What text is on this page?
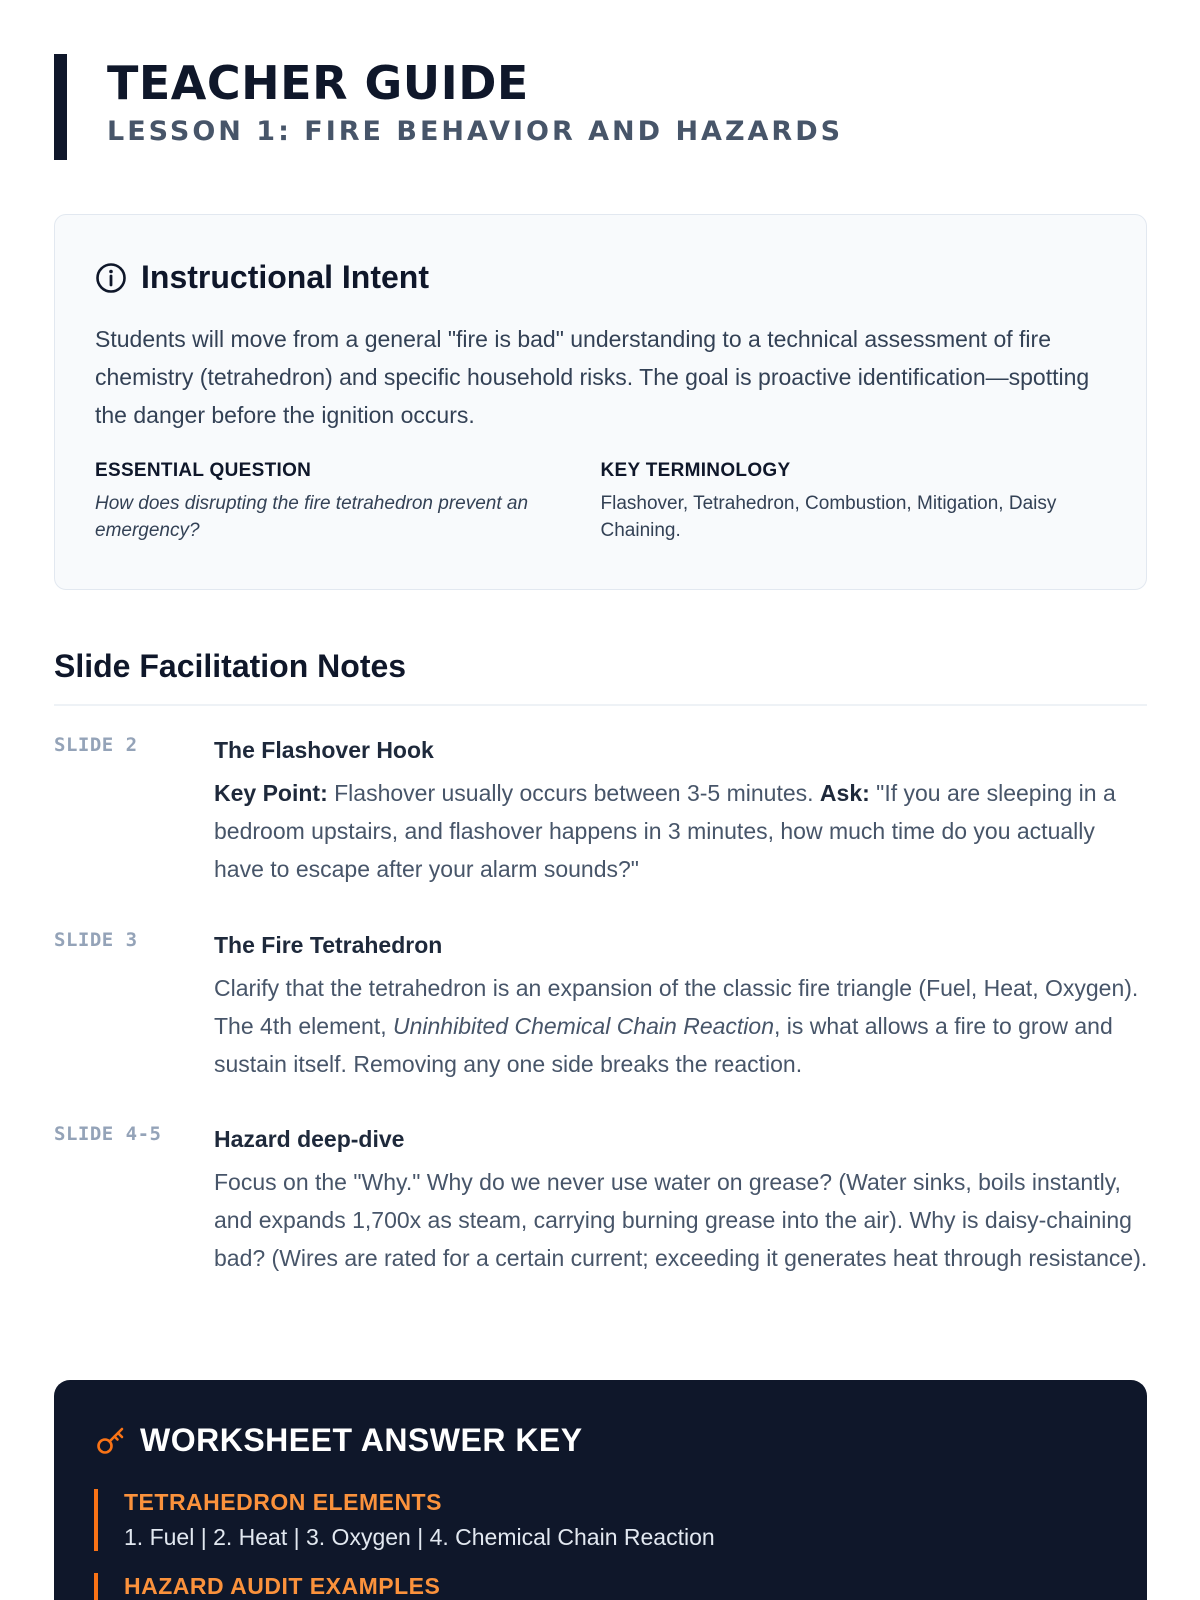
TEACHER GUIDE
LESSON 1: FIRE BEHAVIOR AND HAZARDS
Instructional Intent

Students will move from a general "fire is bad" understanding to a technical assessment of fire chemistry (tetrahedron) and specific household risks. The goal is proactive identification—spotting the danger before the ignition occurs.

ESSENTIAL QUESTION
How does disrupting the fire tetrahedron prevent an emergency?
KEY TERMINOLOGY
Flashover, Tetrahedron, Combustion, Mitigation, Daisy Chaining.
Slide Facilitation Notes
SLIDE 2	The Flashover Hook

Key Point: Flashover usually occurs between 3-5 minutes. Ask: "If you are sleeping in a bedroom upstairs, and flashover happens in 3 minutes, how much time do you actually have to escape after your alarm sounds?"

SLIDE 3	The Fire Tetrahedron

Clarify that the tetrahedron is an expansion of the classic fire triangle (Fuel, Heat, Oxygen). The 4th element, Uninhibited Chemical Chain Reaction, is what allows a fire to grow and sustain itself. Removing any one side breaks the reaction.

SLIDE 4-5 Hazard deep-dive

Focus on the "Why." Why do we never use water on grease? (Water sinks, boils instantly, and expands 1,700x as steam, carrying burning grease into the air). Why is daisy-chaining bad? (Wires are rated for a certain current; exceeding it generates heat through resistance).

WORKSHEET ANSWER KEY
TETRAHEDRON ELEMENTS
1. Fuel | 2. Heat | 3. Oxygen | 4. Chemical Chain Reaction
HAZARD AUDIT EXAMPLES
